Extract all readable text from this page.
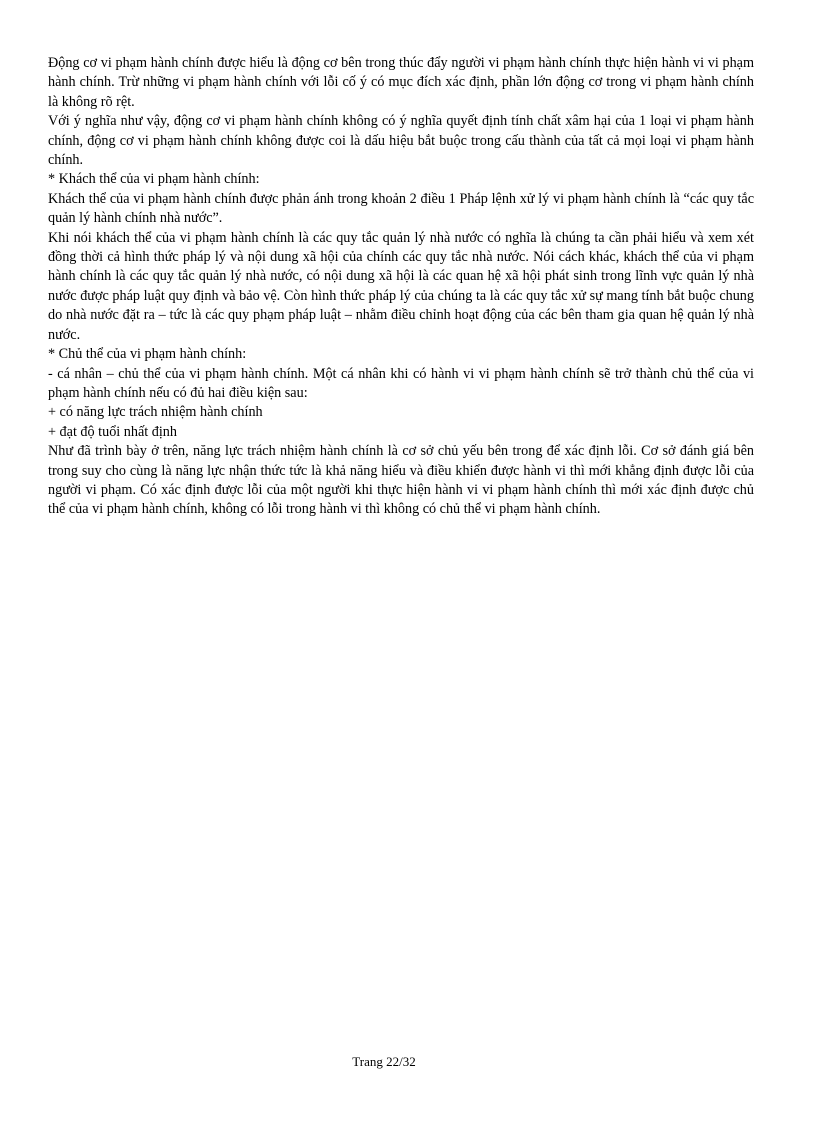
Động cơ vi phạm hành chính được hiểu là động cơ bên trong thúc đẩy người vi phạm hành chính thực hiện hành vi vi phạm hành chính. Trừ những vi phạm hành chính với lỗi cố ý có mục đích xác định, phần lớn động cơ trong vi phạm hành chính là không rõ rệt.

Với ý nghĩa như vậy, động cơ vi phạm hành chính không có ý nghĩa quyết định tính chất xâm hại của 1 loại vi phạm hành chính, động cơ vi phạm hành chính không được coi là dấu hiệu bắt buộc trong cấu thành của tất cả mọi loại vi phạm hành chính.

* Khách thể của vi phạm hành chính:

Khách thể của vi phạm hành chính được phản ánh trong khoản 2 điều 1 Pháp lệnh xử lý vi phạm hành chính là “các quy tắc quản lý hành chính nhà nước”.

Khi nói khách thể của vi phạm hành chính là các quy tắc quản lý nhà nước có nghĩa là chúng ta cần phải hiểu và xem xét đồng thời cả hình thức pháp lý và nội dung xã hội của chính các quy tắc nhà nước. Nói cách khác, khách thể của vi phạm hành chính là các quy tắc quản lý nhà nước, có nội dung xã hội là các quan hệ xã hội phát sinh trong lĩnh vực quản lý nhà nước được pháp luật quy định và bảo vệ. Còn hình thức pháp lý của chúng ta là các quy tắc xử sự mang tính bắt buộc chung do nhà nước đặt ra – tức là các quy phạm pháp luật – nhằm điều chỉnh hoạt động của các bên tham gia quan hệ quản lý nhà nước.

* Chủ thể của vi phạm hành chính:

- cá nhân – chủ thể của vi phạm hành chính. Một cá nhân khi có hành vi vi phạm hành chính sẽ trở thành chủ thể của vi phạm hành chính nếu có đủ hai điều kiện sau:

+ có năng lực trách nhiệm hành chính

+ đạt độ tuổi nhất định

Như đã trình bày ở trên, năng lực trách nhiệm hành chính là cơ sở chủ yếu bên trong để xác định lỗi. Cơ sở đánh giá bên trong suy cho cùng là năng lực nhận thức tức là khả năng hiểu và điều khiển được hành vi thì mới khẳng định được lỗi của người vi phạm. Có xác định được lỗi của một người khi thực hiện hành vi vi phạm hành chính thì mới xác định được chủ thể của vi phạm hành chính, không có lỗi trong hành vi thì không có chủ thể vi phạm hành chính.

Trang 22/32
